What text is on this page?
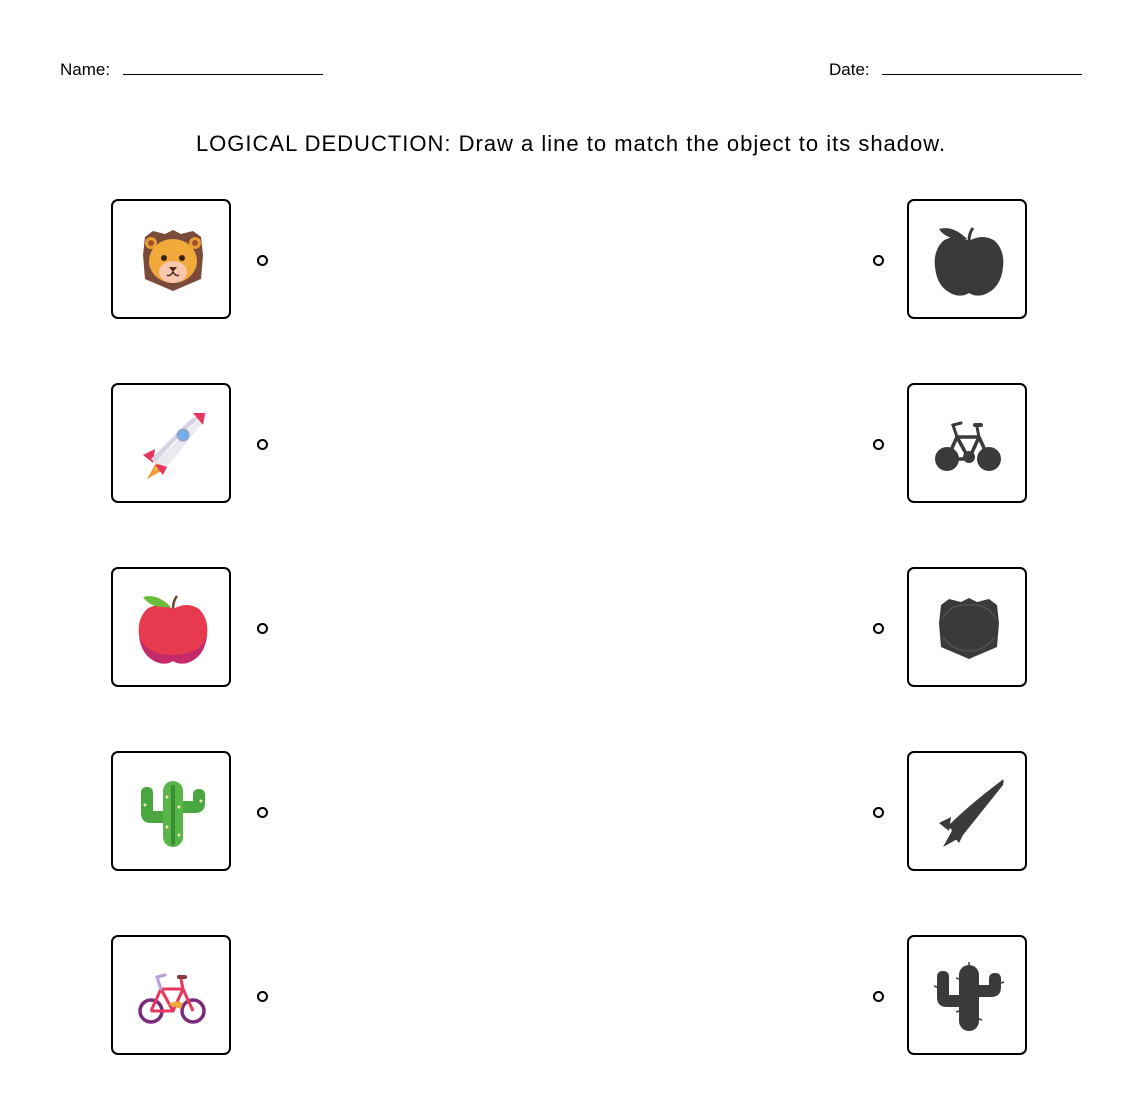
Name:	Date:
LOGICAL DEDUCTION: Draw a line to match the object to its shadow.
